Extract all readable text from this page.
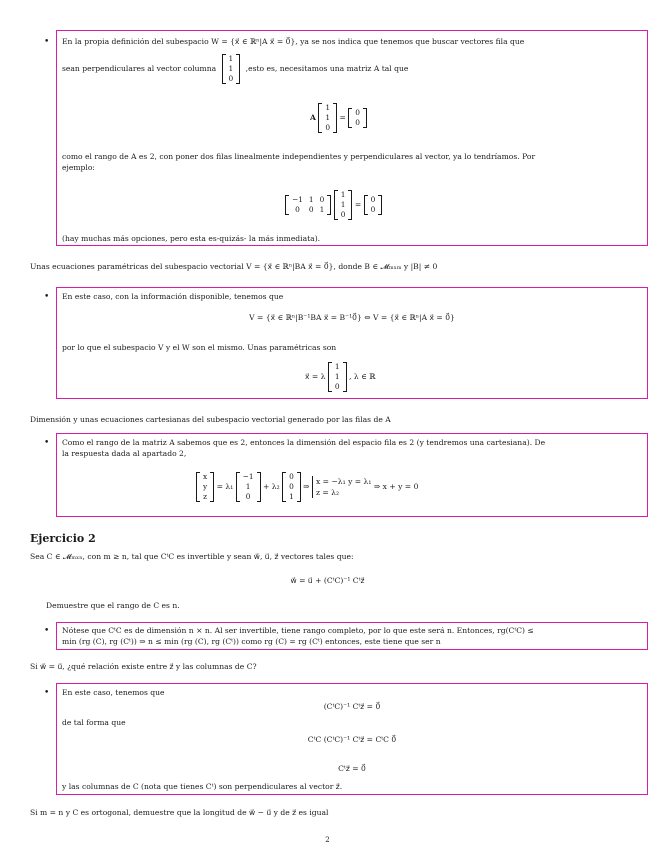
• En la propia definición del subespacio W = {x⃗ ∈ ℝⁿ|A x⃗ = 0⃗}, ya se nos indica que tenemos que buscar vectores fila que
sean perpendiculares al vector columna
1
1
0
,esto es, necesitamos una matriz A tal que
A
1
1
0
=
0
0
como el rango de A es 2, con poner dos filas linealmente independientes y perpendiculares al vector, ya lo tendríamos. Por
ejemplo:
−1	1	0
0	0	1

1
1
0
=
0
0
(hay muchas más opciones, pero esta es-quizás- la más inmediata).
Unas ecuaciones paramétricas del subespacio vectorial V = {x⃗ ∈ ℝⁿ|BA x⃗ = 0⃗}, donde B ∈ 𝓜ₘₓₘ y |B| ≠ 0
• En este caso, con la información disponible, tenemos que
V = {x⃗ ∈ ℝⁿ|B⁻¹BA x⃗ = B⁻¹0⃗} ⇔ V = {x⃗ ∈ ℝⁿ|A x⃗ = 0⃗}
por lo que el subespacio V y el W son el mismo. Unas paramétricas son
x⃗ = λ
1
1
0
, λ ∈ ℝ
Dimensión y unas ecuaciones cartesianas del subespacio vectorial generado por las filas de A
• Como el rango de la matriz A sabemos que es 2, entonces la dimensión del espacio fila es 2 (y tendremos una cartesiana). De
la respuesta dada al apartado 2,
x
y
z
= λ₁
−1
1
0
+ λ₂
0
0
1
⇒ x = −λ₁ y = λ₁
z = λ₂ ⇒ x + y = 0
Ejercicio 2
Sea C ∈ 𝓜ₘₓₙ, con m ≥ n, tal que CᵗC es invertible y sean w⃗, u⃗, z⃗ vectores tales que:
w⃗ = u⃗ + (CᵗC)⁻¹ Cᵗz⃗
Demuestre que el rango de C es n.
• Nótese que CᵗC es de dimensión n × n. Al ser invertible, tiene rango completo, por lo que este será n. Entonces, rg(CᵗC) ≤
min (rg (C), rg (Cᵗ)) ⇒ n ≤ min (rg (C), rg (Cᵗ)) como rg (C) = rg (Cᵗ) entonces, este tiene que ser n
Si w⃗ = u⃗, ¿qué relación existe entre z⃗ y las columnas de C?
• En este caso, tenemos que
(CᵗC)⁻¹ Cᵗz⃗ = 0⃗
de tal forma que
CᵗC (CᵗC)⁻¹ Cᵗz⃗ = CᵗC 0⃗
Cᵗz⃗ = 0⃗
y las columnas de C (nota que tienes Cᵗ) son perpendiculares al vector z⃗.
Si m = n y C es ortogonal, demuestre que la longitud de w⃗ − u⃗ y de z⃗ es igual
2
